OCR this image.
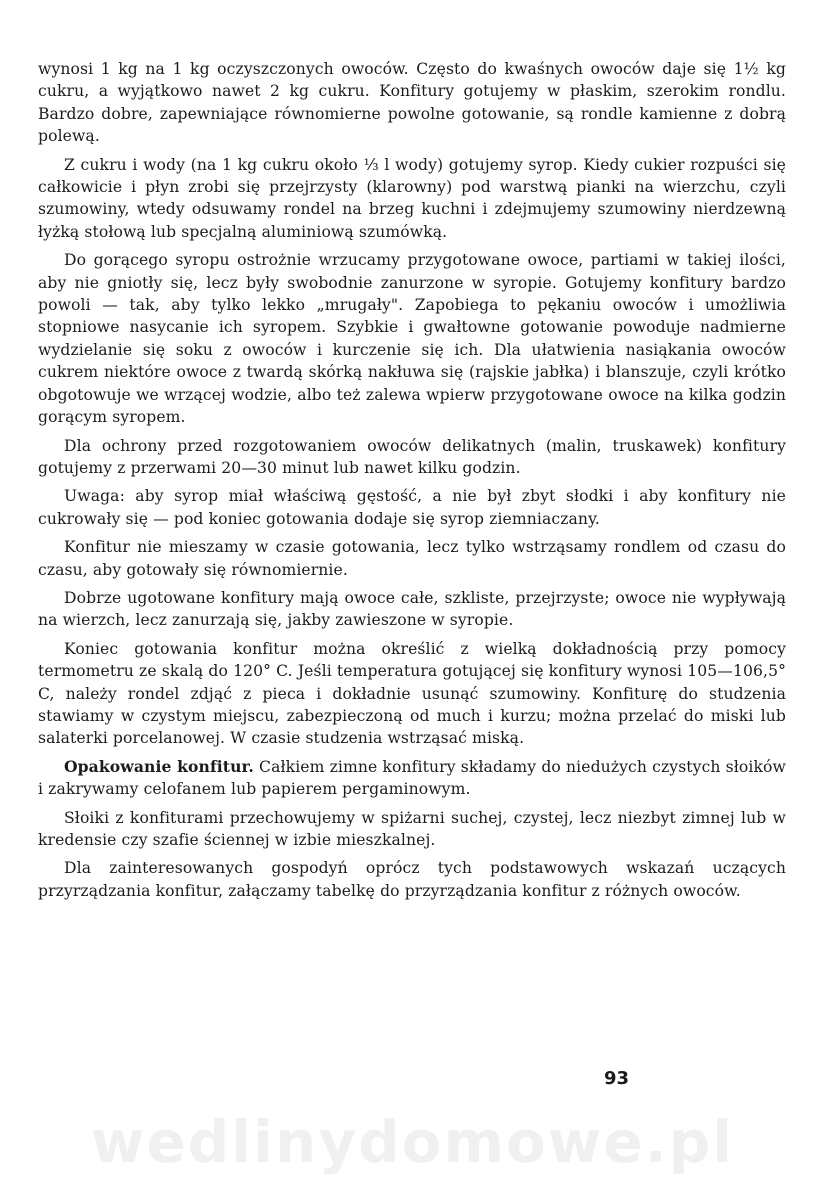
wynosi 1 kg na 1 kg oczyszczonych owoców. Często do kwaśnych owoców daje się 1½ kg cukru, a wyjątkowo nawet 2 kg cukru. Konfitury gotujemy w płaskim, szerokim rondlu. Bardzo dobre, zapewniające równomierne powolne gotowanie, są rondle kamienne z dobrą polewą.

Z cukru i wody (na 1 kg cukru około ⅓ l wody) gotujemy syrop. Kiedy cukier rozpuści się całkowicie i płyn zrobi się przejrzysty (klarowny) pod warstwą pianki na wierzchu, czyli szumowiny, wtedy odsuwamy rondel na brzeg kuchni i zdejmujemy szumowiny nierdzewną łyżką stołową lub specjalną aluminiową szumówką.

Do gorącego syropu ostrożnie wrzucamy przygotowane owoce, partiami w takiej ilości, aby nie gniotły się, lecz były swobodnie zanurzone w syropie. Gotujemy konfitury bardzo powoli — tak, aby tylko lekko „mrugały". Zapobiega to pękaniu owoców i umożliwia stopniowe nasycanie ich syropem. Szybkie i gwałtowne gotowanie powoduje nadmierne wydzielanie się soku z owoców i kurczenie się ich. Dla ułatwienia nasiąkania owoców cukrem niektóre owoce z twardą skórką nakłuwa się (rajskie jabłka) i blanszuje, czyli krótko obgotowuje we wrzącej wodzie, albo też zalewa wpierw przygotowane owoce na kilka godzin gorącym syropem.

Dla ochrony przed rozgotowaniem owoców delikatnych (malin, truskawek) konfitury gotujemy z przerwami 20—30 minut lub nawet kilku godzin.

Uwaga: aby syrop miał właściwą gęstość, a nie był zbyt słodki i aby konfitury nie cukrowały się — pod koniec gotowania dodaje się syrop ziemniaczany.

Konfitur nie mieszamy w czasie gotowania, lecz tylko wstrząsamy rondlem od czasu do czasu, aby gotowały się równomiernie.

Dobrze ugotowane konfitury mają owoce całe, szkliste, przejrzyste; owoce nie wypływają na wierzch, lecz zanurzają się, jakby zawieszone w syropie.

Koniec gotowania konfitur można określić z wielką dokładnością przy pomocy termometru ze skalą do 120° C. Jeśli temperatura gotującej się konfitury wynosi 105—106,5° C, należy rondel zdjąć z pieca i dokładnie usunąć szumowiny. Konfiturę do studzenia stawiamy w czystym miejscu, zabezpieczoną od much i kurzu; można przelać do miski lub salaterki porcelanowej. W czasie studzenia wstrząsać miską.

Opakowanie konfitur. Całkiem zimne konfitury składamy do niedużych czystych słoików i zakrywamy celofanem lub papierem pergaminowym.

Słoiki z konfiturami przechowujemy w spiżarni suchej, czystej, lecz niezbyt zimnej lub w kredensie czy szafie ściennej w izbie mieszkalnej.

Dla zainteresowanych gospodyń oprócz tych podstawowych wskazań uczących przyrządzania konfitur, załączamy tabelkę do przyrządzania konfitur z różnych owoców.

93
wedlinydomowe.pl
